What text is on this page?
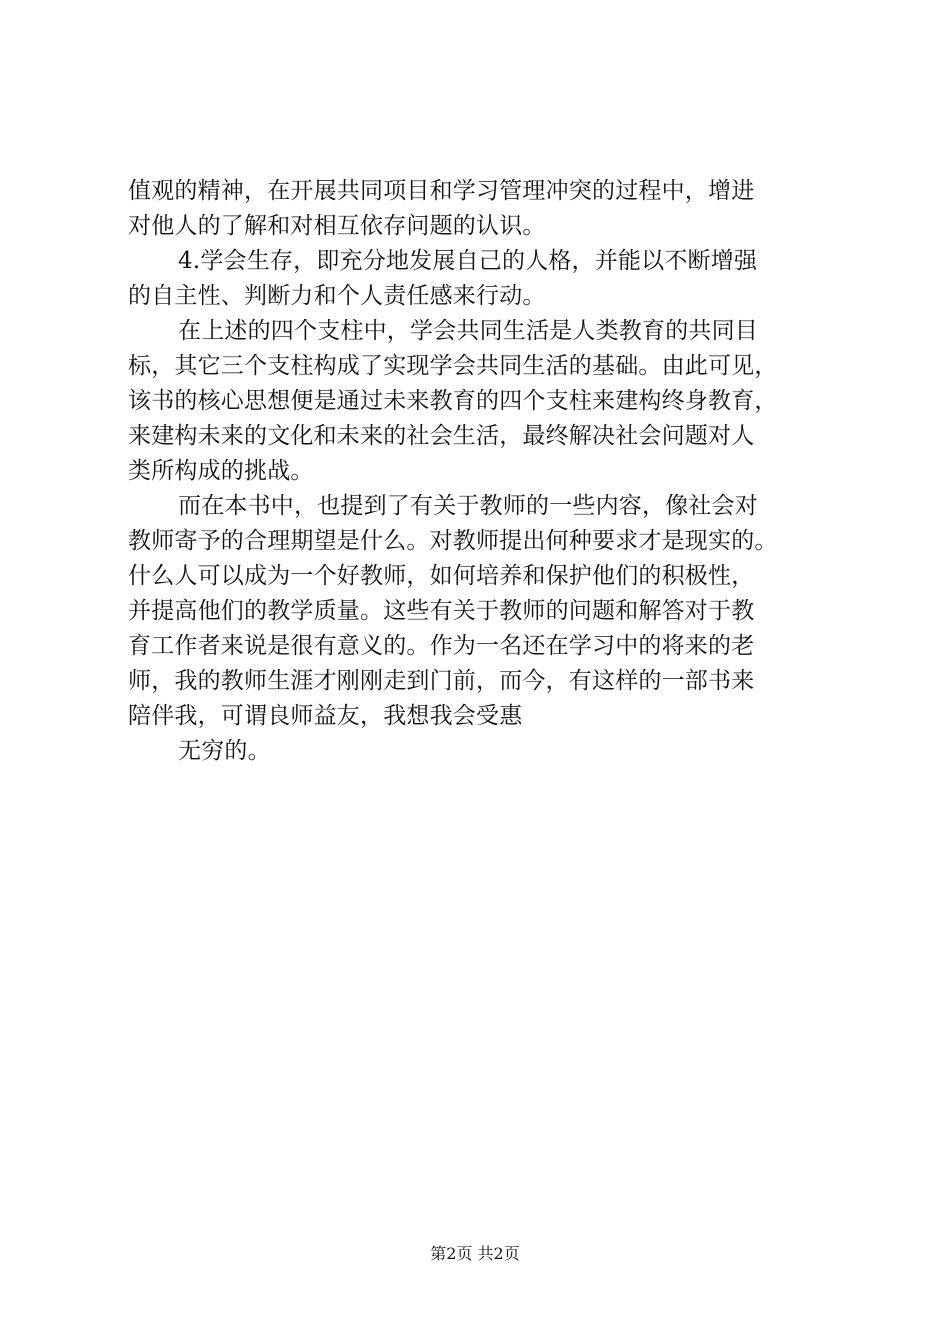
值观的精神，在开展共同项目和学习管理冲突的过程中，增进
对他人的了解和对相互依存问题的认识。
4.学会生存，即充分地发展自己的人格，并能以不断增强
的自主性、判断力和个人责任感来行动。
在上述的四个支柱中，学会共同生活是人类教育的共同目
标，其它三个支柱构成了实现学会共同生活的基础。由此可见，
该书的核心思想便是通过未来教育的四个支柱来建构终身教育，
来建构未来的文化和未来的社会生活，最终解决社会问题对人
类所构成的挑战。
而在本书中，也提到了有关于教师的一些内容，像社会对
教师寄予的合理期望是什么。对教师提出何种要求才是现实的。
什么人可以成为一个好教师，如何培养和保护他们的积极性，
并提高他们的教学质量。这些有关于教师的问题和解答对于教
育工作者来说是很有意义的。作为一名还在学习中的将来的老
师，我的教师生涯才刚刚走到门前，而今，有这样的一部书来
陪伴我，可谓良师益友，我想我会受惠
无穷的。
第2页 共2页
